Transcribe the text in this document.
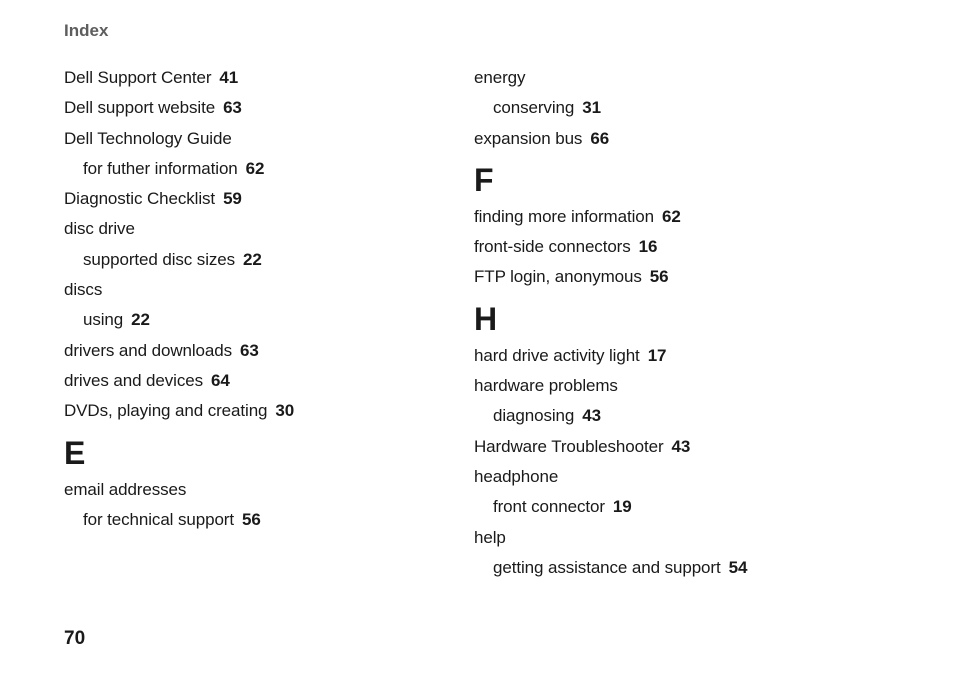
Index
Dell Support Center 41
Dell support website 63
Dell Technology Guide
for futher information 62
Diagnostic Checklist 59
disc drive
supported disc sizes 22
discs
using 22
drivers and downloads 63
drives and devices 64
DVDs, playing and creating 30
E
email addresses
for technical support 56
energy
conserving 31
expansion bus 66
F
finding more information 62
front-side connectors 16
FTP login, anonymous 56
H
hard drive activity light 17
hardware problems
diagnosing 43
Hardware Troubleshooter 43
headphone
front connector 19
help
getting assistance and support 54
70
